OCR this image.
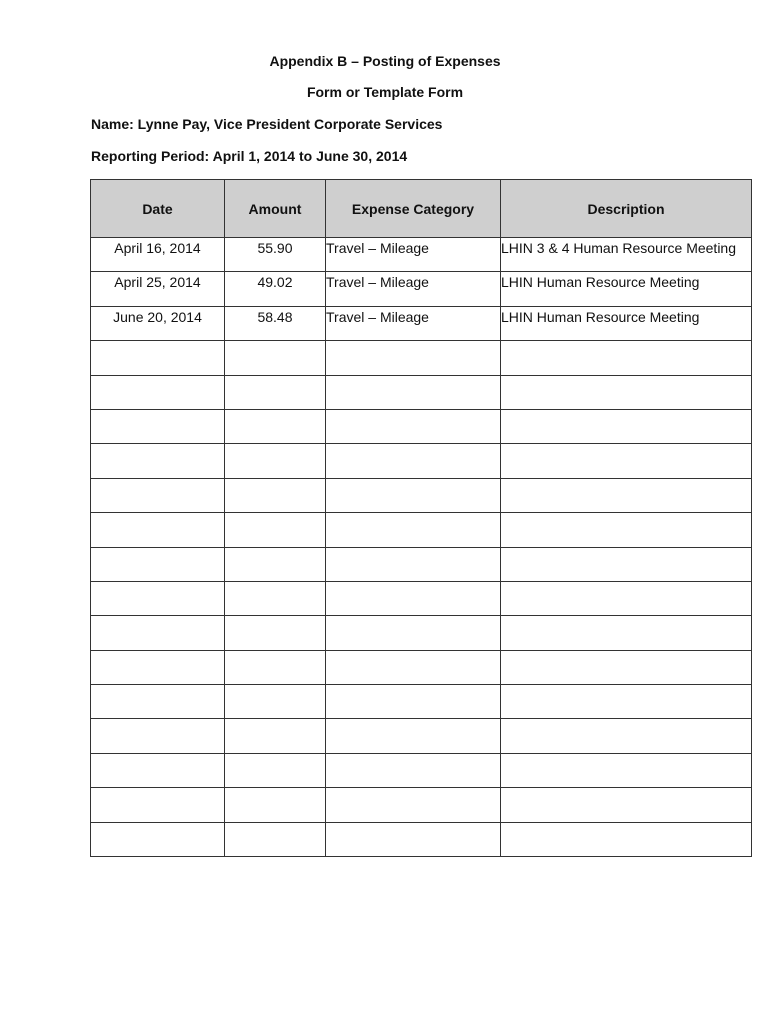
Appendix B – Posting of Expenses
Form or Template Form
Name: Lynne Pay, Vice President Corporate Services
Reporting Period: April 1, 2014 to June 30, 2014
Date	Amount	Expense Category	Description
April 16, 2014	55.90	Travel – Mileage	LHIN 3 & 4 Human Resource Meeting
April 25, 2014	49.02	Travel – Mileage	LHIN Human Resource Meeting
June 20, 2014	58.48	Travel – Mileage	LHIN Human Resource Meeting
